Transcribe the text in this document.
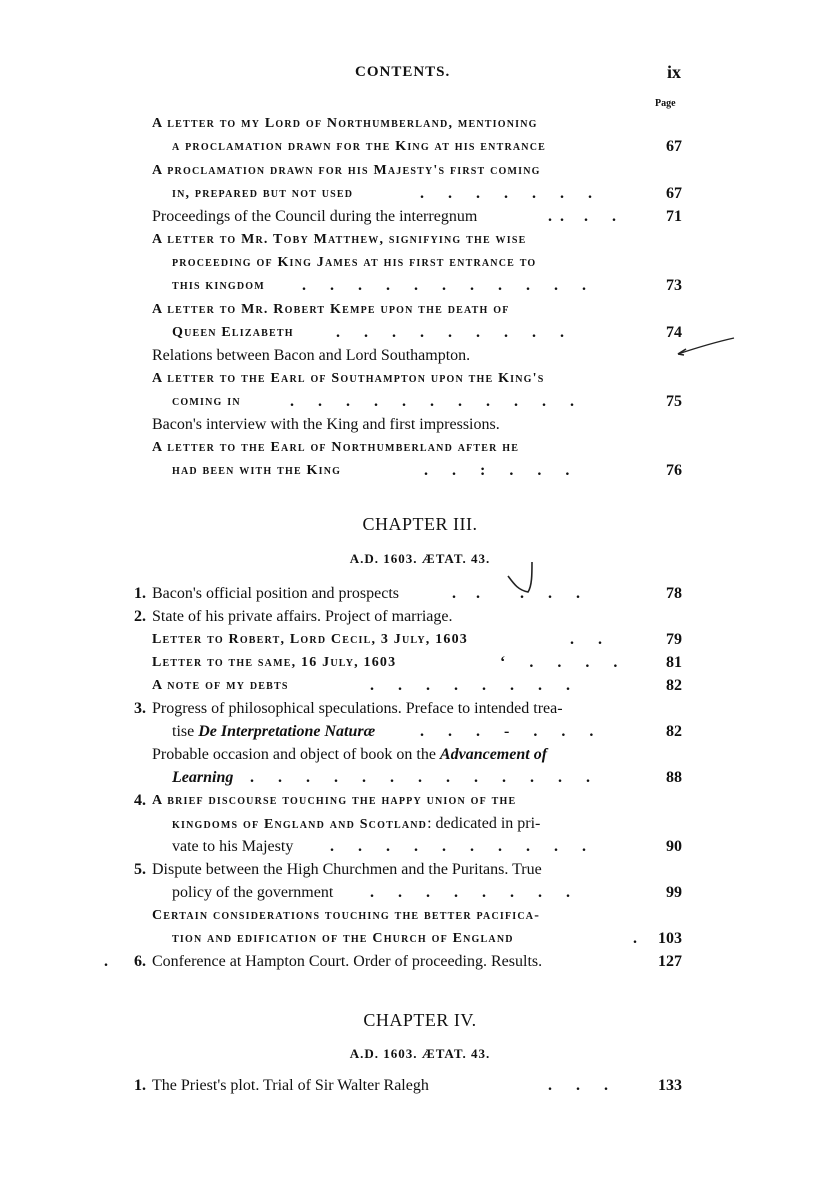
CONTENTS.	ix
Page
A letter to my Lord of Northumberland, mentioning
a proclamation drawn for the King at his entrance	67
A proclamation drawn for his Majesty's first coming
in, prepared but not used	.      .      .      .      .      .      .	67
Proceedings of the Council during the interregnum	.  .     .      .	71
A letter to Mr. Toby Matthew, signifying the wise
proceeding of King James at his first entrance to
this kingdom .      .      .      .      .      .      .      .      .      .      .	73
A letter to Mr. Robert Kempe upon the death of
Queen Elizabeth	.      .      .      .      .      .      .      .      .	74
Relations between Bacon and Lord Southampton.
A letter to the Earl of Southampton upon the King's
coming in	.      .      .      .      .      .      .      .      .      .      .	75
Bacon's interview with the King and first impressions.
A letter to the Earl of Northumberland after he
had been with the King	.      .      :      .      .      .	76
CHAPTER III.
A.D. 1603. ÆTAT. 43.
1. Bacon's official position and prospects	.     .          .      .      .	78
2. State of his private affairs. Project of marriage.
Letter to Robert, Lord Cecil, 3 July, 1603	.      .	79
Letter to the same, 16 July, 1603	‘      .      .      .      .	81
A note of my debts	.      .      .      .      .      .      .      .	82
3. Progress of philosophical speculations. Preface to intended trea-
tise De Interpretatione Naturæ	.      .      .      -      .      .      .	82
Probable occasion and object of book on the Advancement of
Learning .      .      .      .      .      .      .      .      .      .      .      .      .	88
4. A brief discourse touching the happy union of the
kingdoms of England and Scotland: dedicated in pri-
vate to his Majesty .      .      .      .      .      .      .      .      .      .	90
5. Dispute between the High Churchmen and the Puritans. True
policy of the government .      .      .      .      .      .      .      .	99
Certain considerations touching the better pacifica-
tion and edification of the Church of England	.	103
.	6. Conference at Hampton Court. Order of proceeding. Results.	127
CHAPTER IV.
A.D. 1603. ÆTAT. 43.
1. The Priest's plot. Trial of Sir Walter Ralegh	.      .      .	133
